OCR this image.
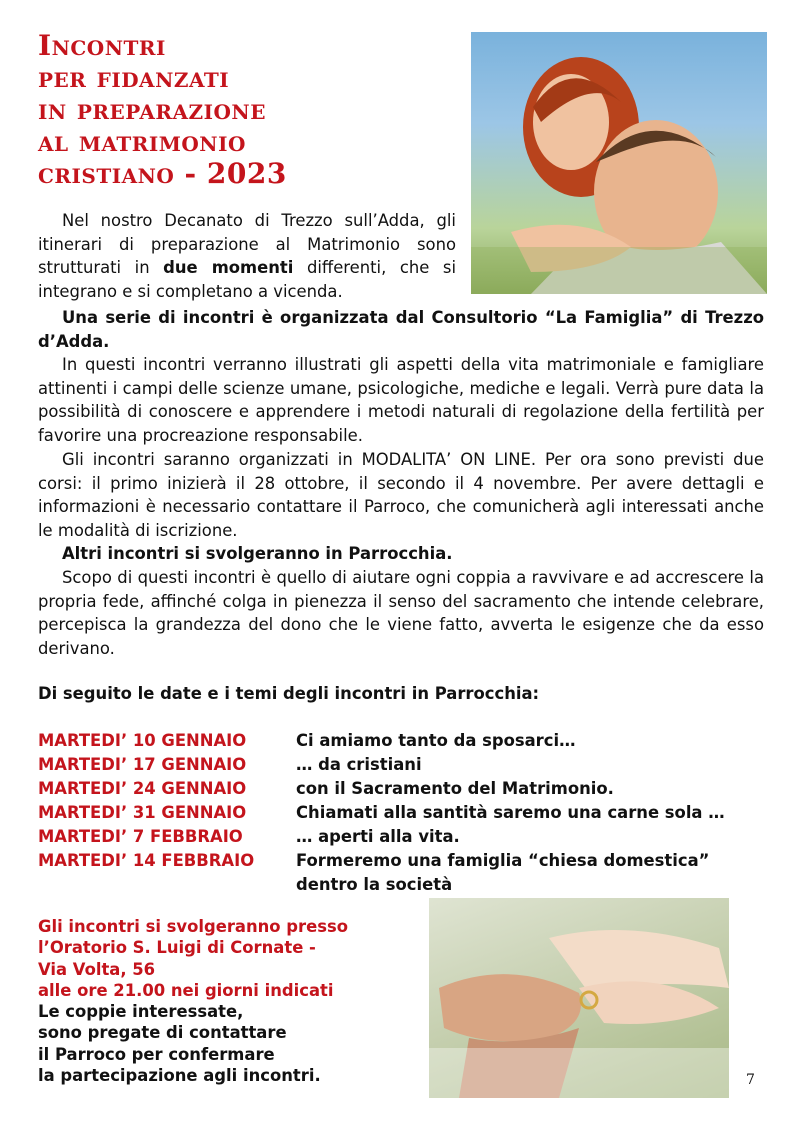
Incontri
per fidanzati
in preparazione
al matrimonio
cristiano - 2023
Nel nostro Decanato di Trezzo sull’Adda, gli itinerari di preparazione al Matrimonio sono strutturati in due momenti differenti, che si integrano e si completano a vicenda.
Una serie di incontri è organizzata dal Consultorio “La Famiglia” di Trezzo d’Adda.
In questi incontri verranno illustrati gli aspetti della vita matrimoniale e famigliare attinenti i campi delle scienze umane, psicologiche, mediche e legali. Verrà pure data la possibilità di conoscere e apprendere i metodi naturali di regolazione della fertilità per favorire una procreazione responsabile.
Gli incontri saranno organizzati in MODALITA’ ON LINE. Per ora sono previsti due corsi: il primo inizierà il 28 ottobre, il secondo il 4 novembre. Per avere dettagli e informazioni è necessario contattare il Parroco, che comunicherà agli interessati anche le modalità di iscrizione.
Altri incontri si svolgeranno in Parrocchia.
Scopo di questi incontri è quello di aiutare ogni coppia a ravvivare e ad accrescere la propria fede, affinché colga in pienezza il senso del sacramento che intende celebrare, percepisca la grandezza del dono che le viene fatto, avverta le esigenze che da esso derivano.
Di seguito le date e i temi degli incontri in Parrocchia:
MARTEDI’ 10 GENNAIO	Ci amiamo tanto da sposarci…
MARTEDI’ 17 GENNAIO	… da cristiani
MARTEDI’ 24 GENNAIO	con il Sacramento del Matrimonio.
MARTEDI’ 31 GENNAIO	Chiamati alla santità saremo una carne sola …
MARTEDI’ 7 FEBBRAIO	… aperti alla vita.
MARTEDI’ 14 FEBBRAIO	Formeremo una famiglia “chiesa domestica”
dentro la società
Gli incontri si svolgeranno presso
l’Oratorio S. Luigi di Cornate -
Via Volta, 56
alle ore 21.00 nei giorni indicati
Le coppie interessate,
sono pregate di contattare
il Parroco per confermare
la partecipazione agli incontri.	7
